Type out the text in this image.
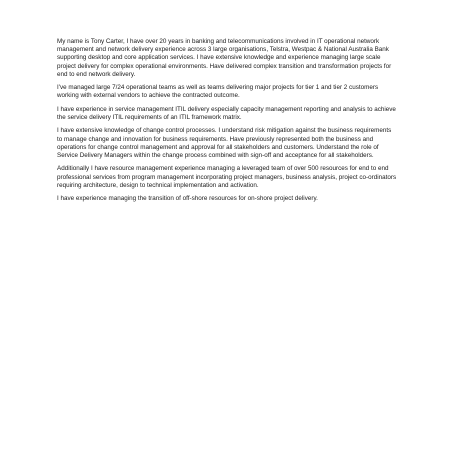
My name is Tony Carter, I have over 20 years in banking and telecommunications involved in IT operational network management and network delivery experience across 3 large organisations, Telstra, Westpac & National Australia Bank supporting desktop and core application services. I have extensive knowledge and experience managing large scale project delivery for complex operational environments. Have delivered complex transition and transformation projects for end to end network delivery.

I've managed large 7/24 operational teams as well as teams delivering major projects for tier 1 and tier 2 customers working with external vendors to achieve the contracted outcome.

I have experience in service management ITIL delivery especially capacity management reporting and analysis to achieve the service delivery ITIL requirements of an ITIL framework matrix.

I have extensive knowledge of change control processes. I understand risk mitigation against the business requirements to manage change and innovation for business requirements. Have previously represented both the business and operations for change control management and approval for all stakeholders and customers. Understand the role of Service Delivery Managers within the change process combined with sign-off and acceptance for all stakeholders.

Additionally I have resource management experience managing a leveraged team of over 500 resources for end to end professional services from program management incorporating project managers, business analysis, project co-ordinators requiring architecture, design to technical implementation and activation.

I have experience managing the transition of off-shore resources for on-shore project delivery.
